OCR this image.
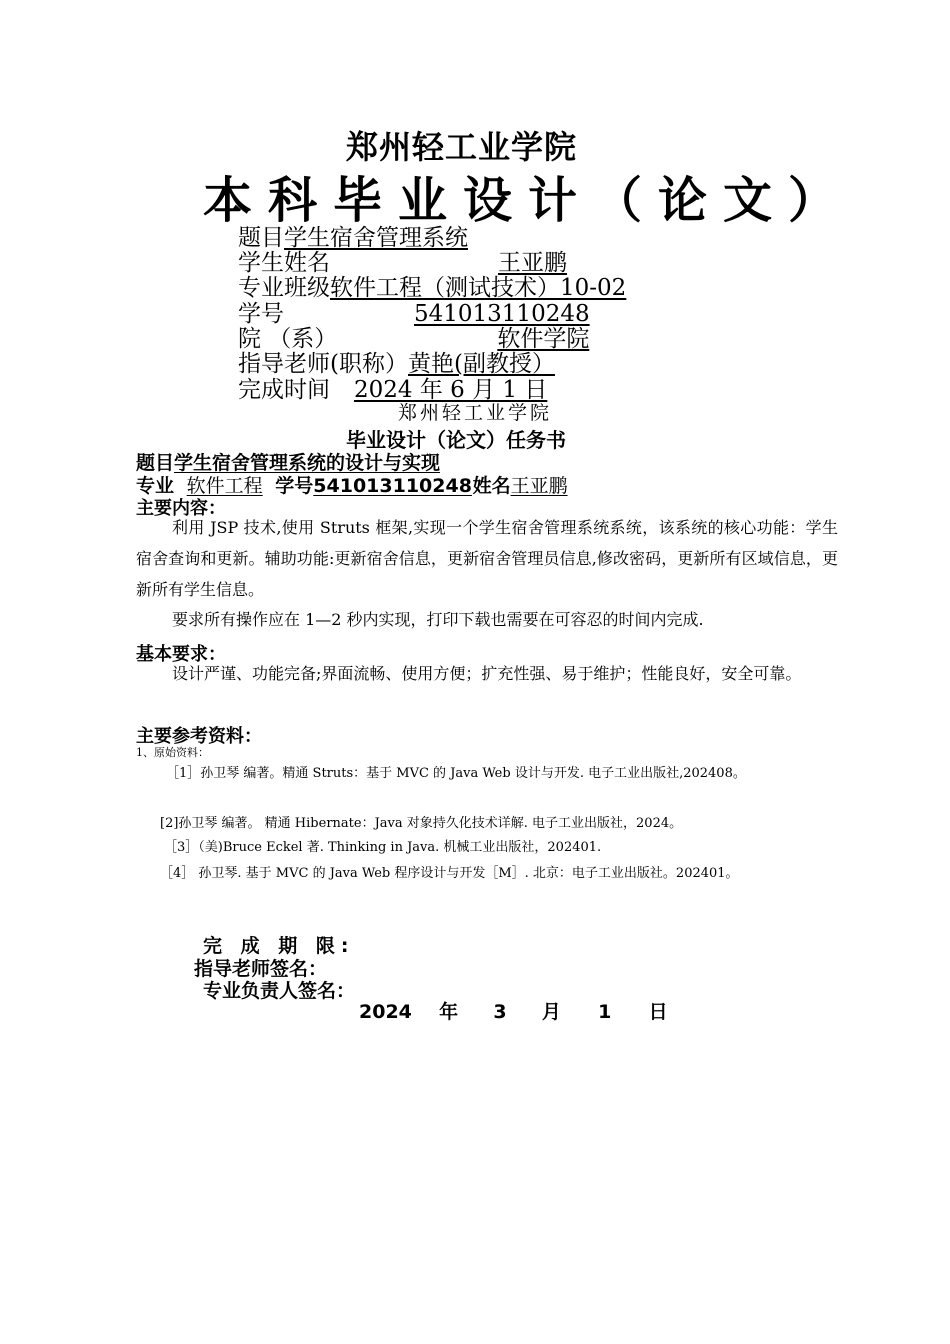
郑州轻工业学院
本科毕业设计（论文）
题目学生宿舍管理系统
学生姓名	王亚鹏
专业班级软件工程（测试技术）10-02
学号	541013110248
院 （系）	软件学院
指导老师(职称）黄艳(副教授）
完成时间 2024 年 6 月 1 日
郑州轻工业学院
毕业设计（论文）任务书
题目学生宿舍管理系统的设计与实现
专业 软件工程 学号541013110248 姓名王亚鹏
主要内容：
利用 JSP 技术,使用 Struts 框架,实现一个学生宿舍管理系统系统，该系统的核心功能：学生宿舍查询和更新。辅助功能:更新宿舍信息，更新宿舍管理员信息,修改密码，更新所有区域信息，更新所有学生信息。
要求所有操作应在 1—2 秒内实现，打印下载也需要在可容忍的时间内完成.
基本要求：
设计严谨、功能完备;界面流畅、使用方便；扩充性强、易于维护；性能良好，安全可靠。
主要参考资料：
1、原始资料：
［1］孙卫琴 编著。精通 Struts：基于 MVC 的 Java Web 设计与开发. 电子工业出版社,202408。
[2]孙卫琴 编著。 精通 Hibernate：Java 对象持久化技术详解. 电子工业出版社，2024。
［3］（美)Bruce Eckel 著. Thinking in Java. 机械工业出版社，202401.
［4］ 孙卫琴. 基于 MVC 的 Java Web 程序设计与开发［M］. 北京：电子工业出版社。202401。
完 成 期 限:
指导老师签名：
专业负责人签名：
2024 年 3 月 1 日
